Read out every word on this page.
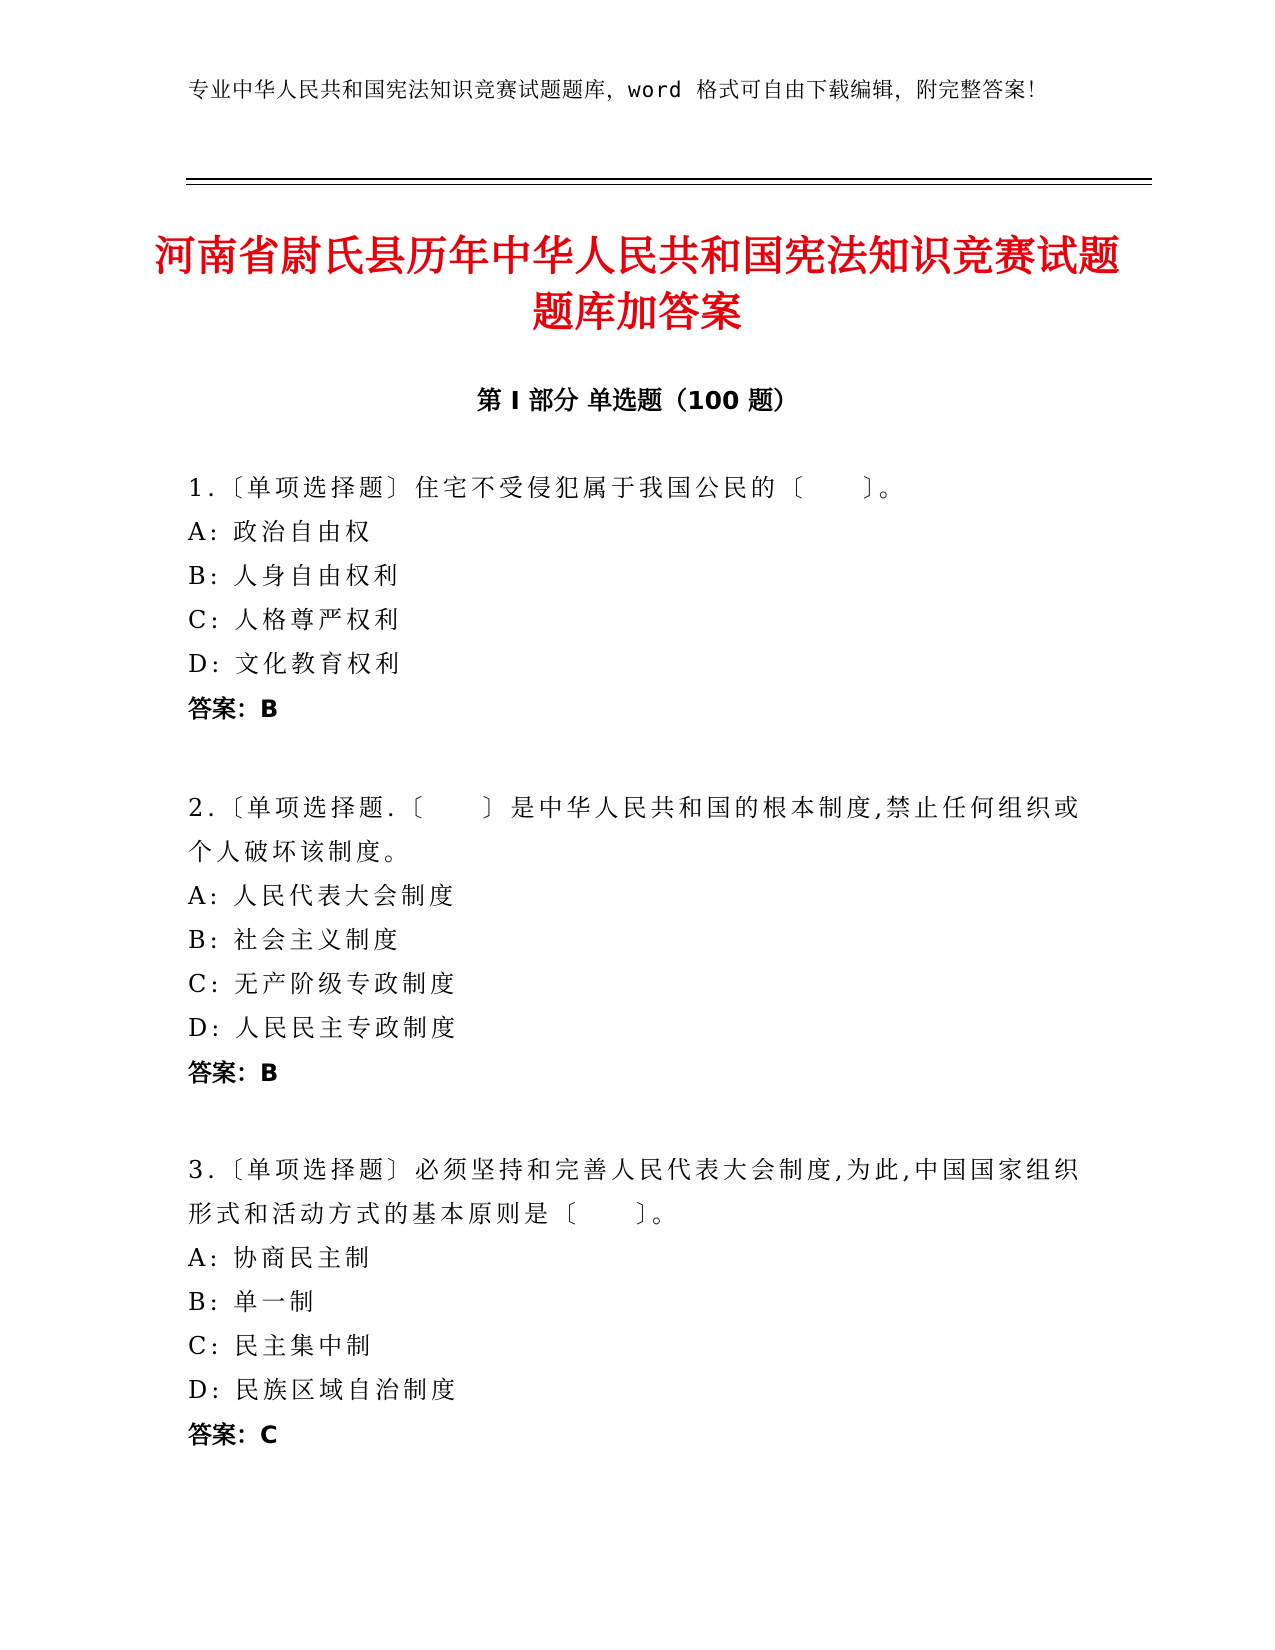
专业中华人民共和国宪法知识竞赛试题题库，word 格式可自由下载编辑，附完整答案！
河南省尉氏县历年中华人民共和国宪法知识竞赛试题题库加答案
第 I 部分 单选题（100 题）
1.〔单项选择题〕住宅不受侵犯属于我国公民的〔　　〕。
A: 政治自由权
B: 人身自由权利
C: 人格尊严权利
D: 文化教育权利
答案：B
2.〔单项选择题.〔　　〕是中华人民共和国的根本制度,禁止任何组织或个人破坏该制度。
A: 人民代表大会制度
B: 社会主义制度
C: 无产阶级专政制度
D: 人民民主专政制度
答案：B
3.〔单项选择题〕必须坚持和完善人民代表大会制度,为此,中国国家组织形式和活动方式的基本原则是〔　　〕。
A: 协商民主制
B: 单一制
C: 民主集中制
D: 民族区域自治制度
答案：C
